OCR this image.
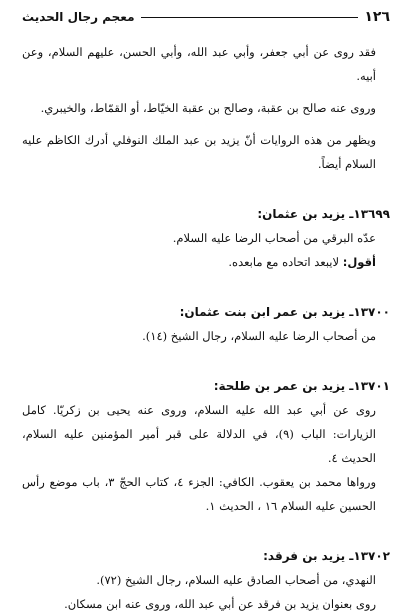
١٢٦
معجم رجال الحديث

فقد روى عن أبي جعفر، وأبي عبد الله، وأبي الحسن، عليهم السلام، وعن أبيه.

وروى عنه صالح بن عقبة، وصالح بن عقبة الخيّاط، أو القمّاط، والخيبري.

ويظهر من هذه الروايات أنّ يزيد بن عبد الملك النوفلي أدرك الكاظم عليه السلام أيضاً.

١٣٦٩٩ـ يزيد بن عثمان:

عدّه البرقي من أصحاب الرضا عليه السلام.

أقول: لايبعد اتحاده مع مابعده.

١٣٧٠٠ـ يزيد بن عمر ابن بنت عثمان:

من أصحاب الرضا عليه السلام، رجال الشيخ (١٤).

١٣٧٠١ـ يزيد بن عمر بن طلحة:

روى عن أبي عبد الله عليه السلام، وروى عنه يحيى بن زكريّا. كامل الزيارات: الباب (٩)، في الدلالة على قبر أمير المؤمنين عليه السلام، الحديث ٤.

ورواها محمد بن يعقوب. الكافي: الجزء ٤، كتاب الحجّ ٣، باب موضع رأس الحسين عليه السلام ١٦ ، الحديث ١.

١٣٧٠٢ـ يزيد بن فرقد:

النهدي، من أصحاب الصادق عليه السلام، رجال الشيخ (٧٢).

روى بعنوان يزيد بن فرقد عن أبي عبد الله، وروى عنه ابن مسكان.
